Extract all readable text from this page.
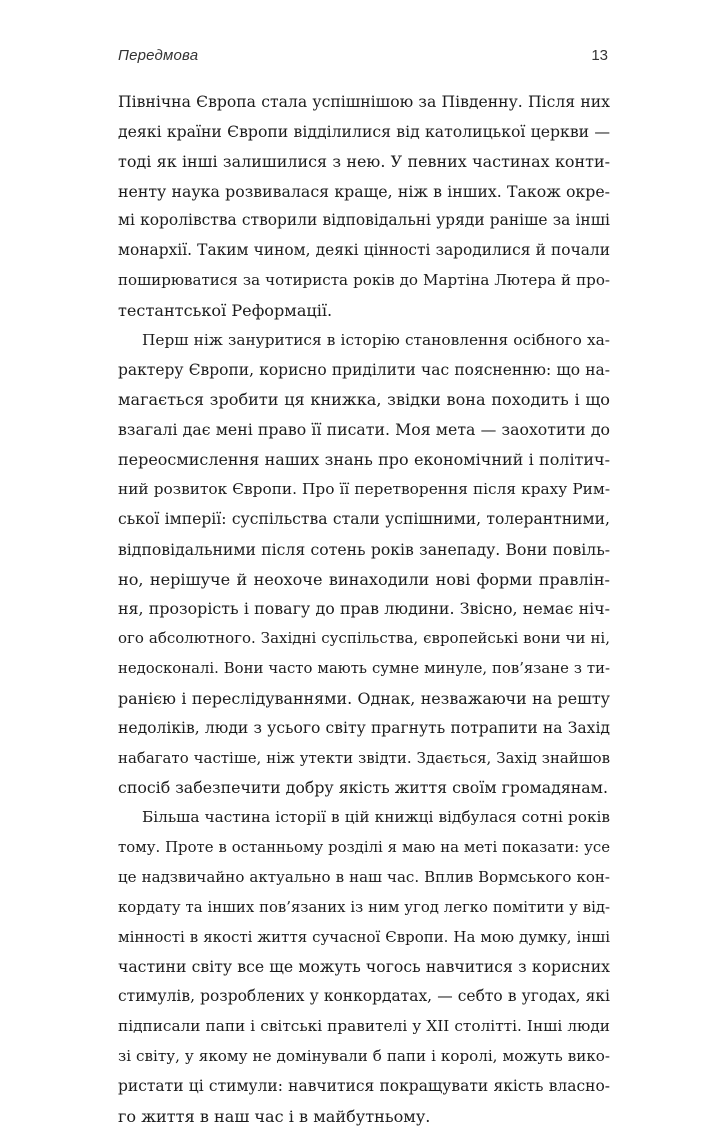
Передмова	13
Північна Європа стала успішнішою за Південну. Після них
деякі країни Європи відділилися від католицької церкви —
тоді як інші залишилися з нею. У певних частинах конти-
ненту наука розвивалася краще, ніж в інших. Також окре-
мі королівства створили відповідальні уряди раніше за інші
монархії. Таким чином, деякі цінності зародилися й почали
поширюватися за чотириста років до Мартіна Лютера й про-
тестантської Реформації.
Перш ніж зануритися в історію становлення осібного ха-
рактеру Європи, корисно приділити час поясненню: що на-
магається зробити ця книжка, звідки вона походить і що
взагалі дає мені право її писати. Моя мета — заохотити до
переосмислення наших знань про економічний і політич-
ний розвиток Європи. Про її перетворення після краху Рим-
ської імперії: суспільства стали успішними, толерантними,
відповідальними після сотень років занепаду. Вони повіль-
но, нерішуче й неохоче винаходили нові форми правлін-
ня, прозорість і повагу до прав людини. Звісно, немає ніч-
ого абсолютного. Західні суспільства, європейські вони чи ні,
недосконалі. Вони часто мають сумне минуле, пов’язане з ти-
ранією і переслідуваннями. Однак, незважаючи на решту
недоліків, люди з усього світу прагнуть потрапити на Захід
набагато частіше, ніж утекти звідти. Здається, Захід знайшов
спосіб забезпечити добру якість життя своїм громадянам.
Більша частина історії в цій книжці відбулася сотні років
тому. Проте в останньому розділі я маю на меті показати: усе
це надзвичайно актуально в наш час. Вплив Вормського кон-
кордату та інших пов’язаних із ним угод легко помітити у від-
мінності в якості життя сучасної Європи. На мою думку, інші
частини світу все ще можуть чогось навчитися з корисних
стимулів, розроблених у конкордатах, — себто в угодах, які
підписали папи і світські правителі у XII столітті. Інші люди
зі світу, у якому не домінували б папи і королі, можуть вико-
ристати ці стимули: навчитися покращувати якість власно-
го життя в наш час і в майбутньому.
